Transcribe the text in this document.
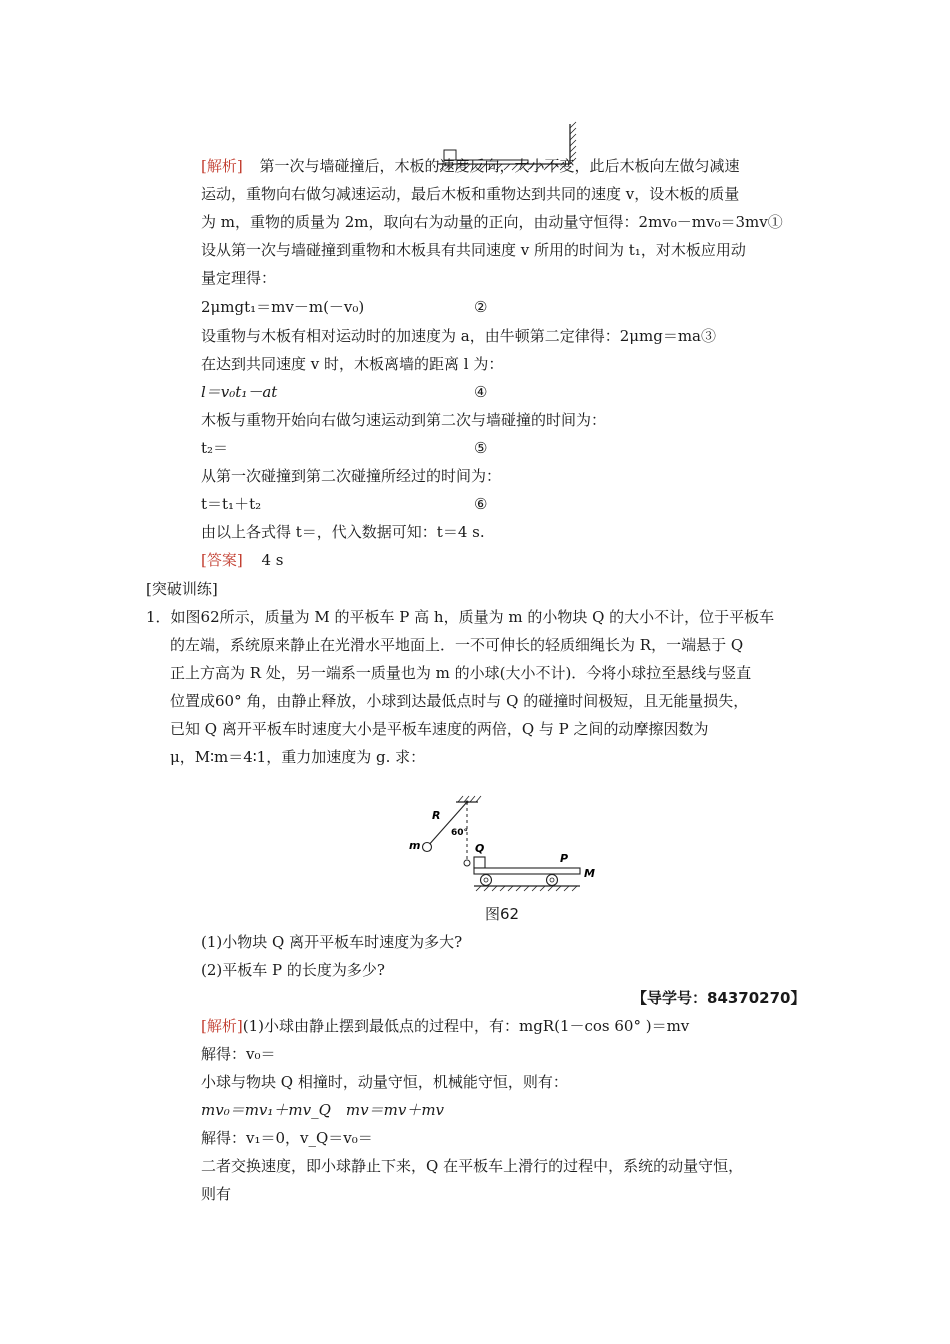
[解析] 第一次与墙碰撞后，木板的速度反向，大小不变，此后木板向左做匀减速
运动，重物向右做匀减速运动，最后木板和重物达到共同的速度 v，设木板的质量
为 m，重物的质量为 2m，取向右为动量的正向，由动量守恒得：2mv₀－mv₀＝3mv①
设从第一次与墙碰撞到重物和木板具有共同速度 v 所用的时间为 t₁，对木板应用动
量定理得：
2μmgt₁＝mv－m(－v₀)	②
设重物与木板有相对运动时的加速度为 a，由牛顿第二定律得：2μmg＝ma③
在达到共同速度 v 时，木板离墙的距离 l 为：
l＝v₀t₁－at	④
木板与重物开始向右做匀速运动到第二次与墙碰撞的时间为：
t₂＝	⑤
从第一次碰撞到第二次碰撞所经过的时间为：
t＝t₁＋t₂	⑥
由以上各式得 t＝，代入数据可知：t＝4 s.
[答案] 4 s
[突破训练]
1．如图62所示，质量为 M 的平板车 P 高 h，质量为 m 的小物块 Q 的大小不计，位于平板车
的左端，系统原来静止在光滑水平地面上．一不可伸长的轻质细绳长为 R，一端悬于 Q
正上方高为 R 处，另一端系一质量也为 m 的小球(大小不计)．今将小球拉至悬线与竖直
位置成60° 角，由静止释放，小球到达最低点时与 Q 的碰撞时间极短，且无能量损失，
已知 Q 离开平板车时速度大小是平板车速度的两倍，Q 与 P 之间的动摩擦因数为
μ，M∶m＝4∶1，重力加速度为 g. 求：
R
60°
m	Q
P
M
图62
(1)小物块 Q 离开平板车时速度为多大?
(2)平板车 P 的长度为多少?
【导学号：84370270】
[解析](1)小球由静止摆到最低点的过程中，有：mgR(1－cos 60° )＝mv
解得：v₀＝
小球与物块 Q 相撞时，动量守恒，机械能守恒，则有：
mv₀＝mv₁＋mv_Q　mv＝mv＋mv
解得：v₁＝0，v_Q＝v₀＝
二者交换速度，即小球静止下来，Q 在平板车上滑行的过程中，系统的动量守恒，
则有
